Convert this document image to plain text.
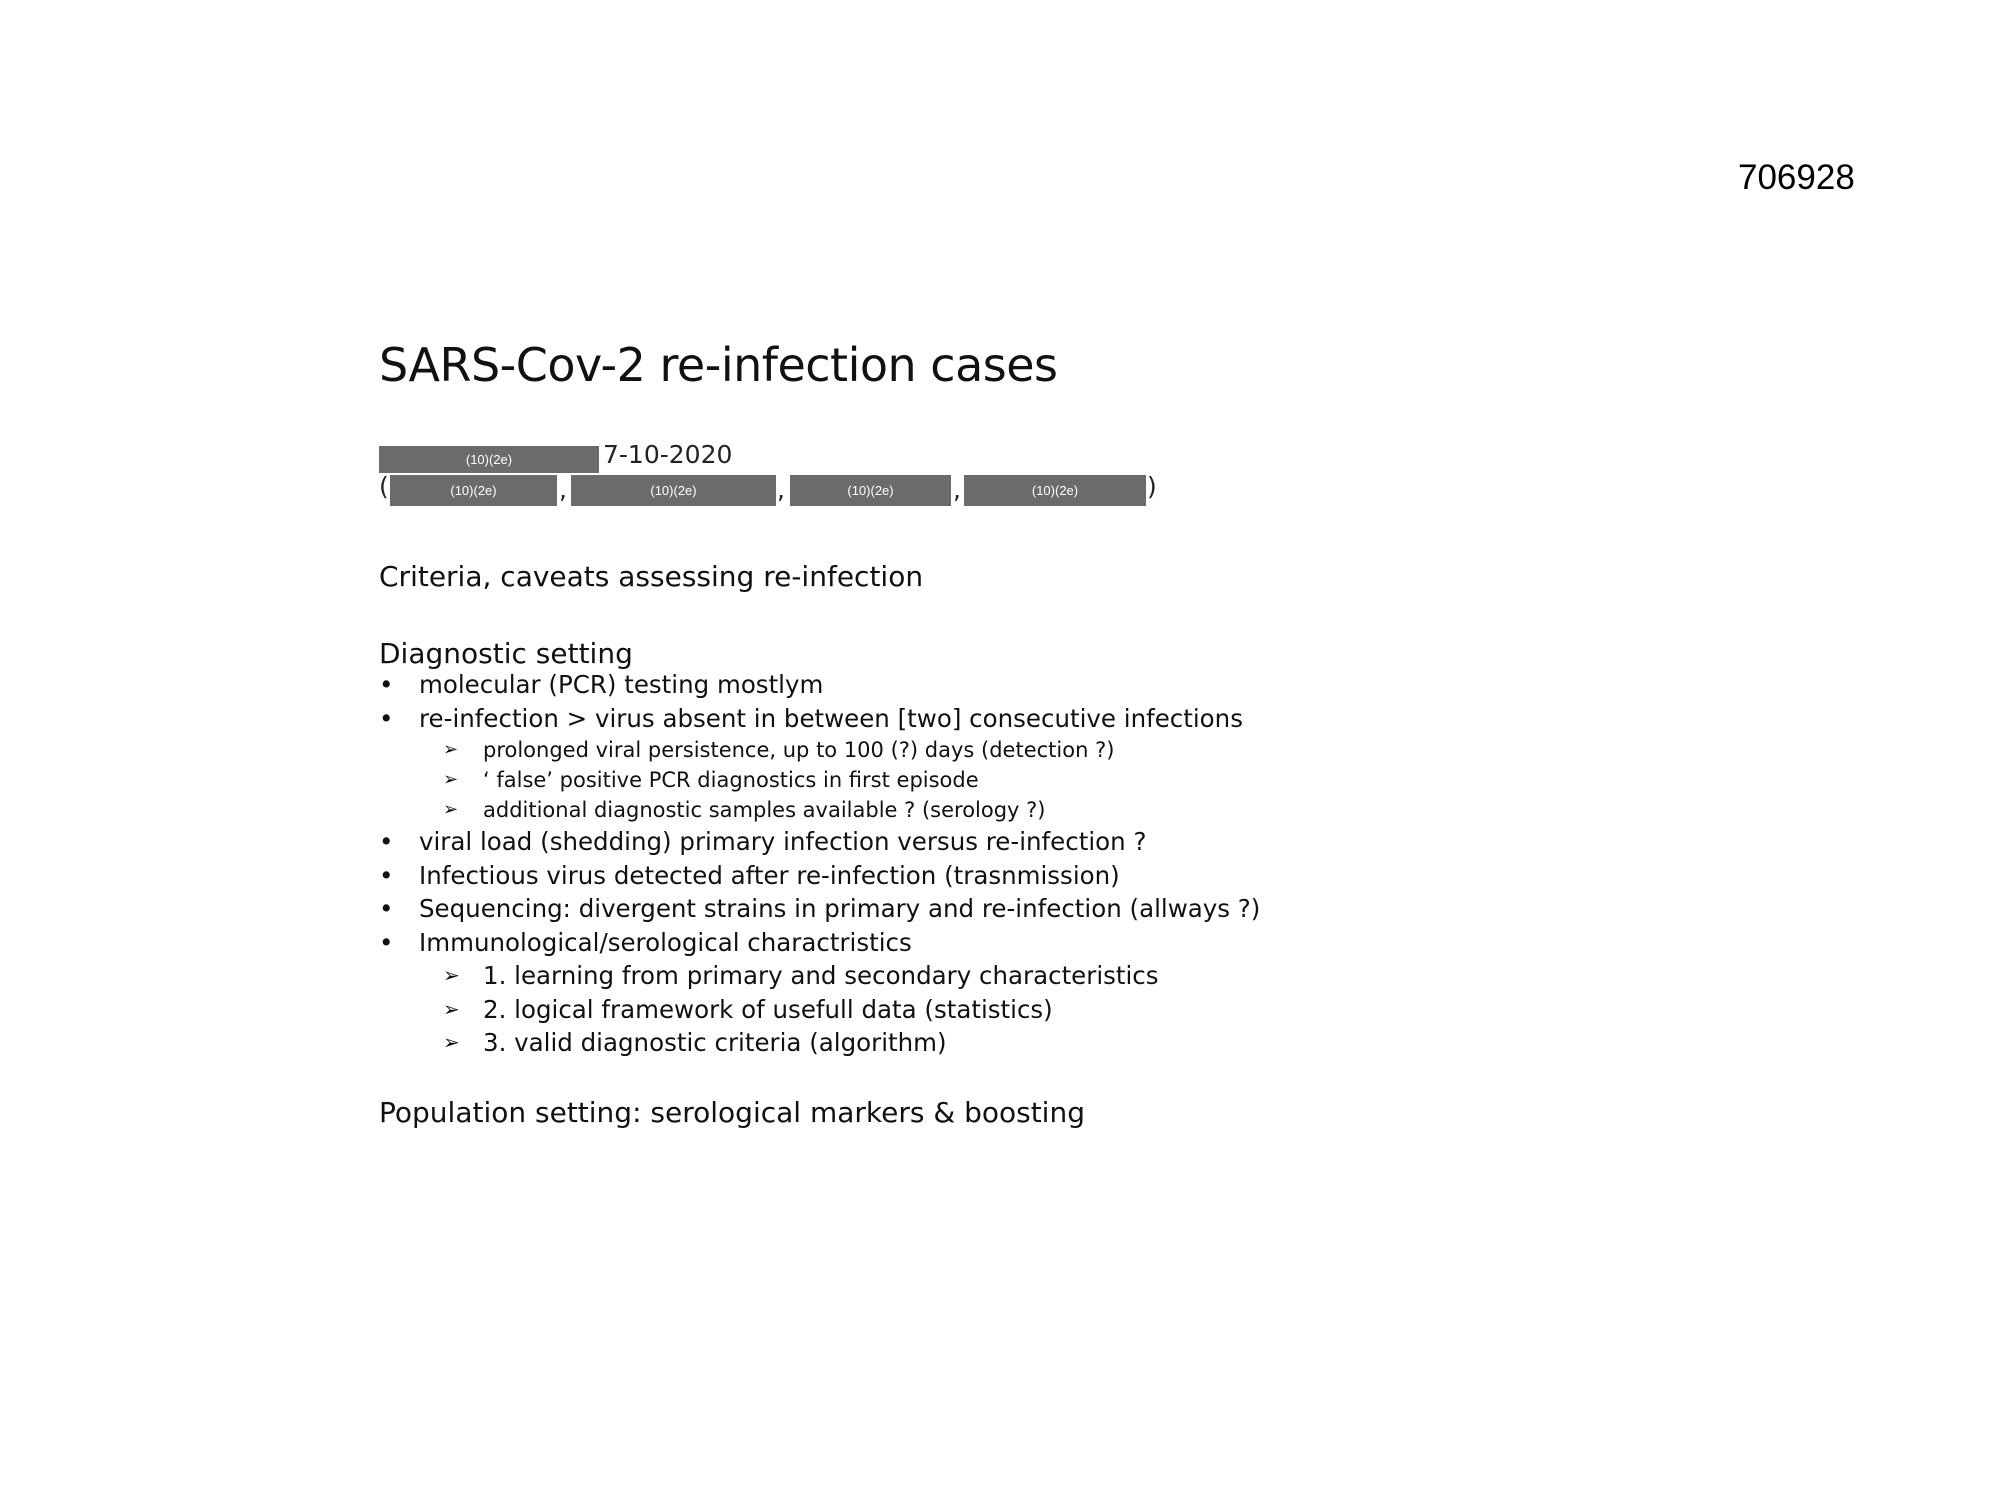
706928
SARS-Cov-2 re-infection cases
(10)(2e)	7-10-2020
(	(10)(2e)	,	(10)(2e)	,	(10)(2e)	,	(10)(2e)	)
Criteria, caveats assessing re-infection
Diagnostic setting
• molecular (PCR) testing mostlym
• re-infection > virus absent in between [two] consecutive infections
➢ prolonged viral persistence, up to 100 (?) days (detection ?)
➢ ‘ false’ positive PCR diagnostics in first episode
➢ additional diagnostic samples available ? (serology ?)
• viral load (shedding) primary infection versus re-infection ?
• Infectious virus detected after re-infection (trasnmission)
• Sequencing: divergent strains in primary and re-infection (allways ?)
• Immunological/serological charactristics
➢ 1. learning from primary and secondary characteristics
➢ 2. logical framework of usefull data (statistics)
➢ 3. valid diagnostic criteria (algorithm)
Population setting: serological markers & boosting
